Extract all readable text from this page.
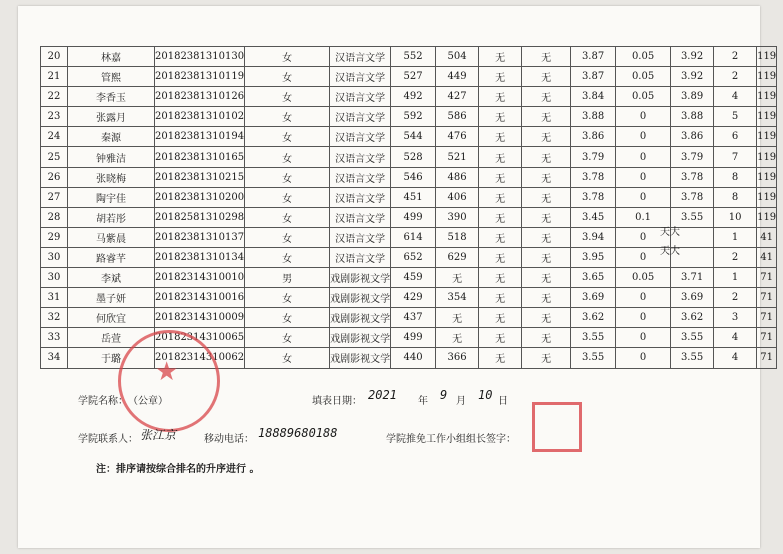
20	林嘉	20182381310130	女	汉语言文学	552	504	无	无	3.87	0.05	3.92	2	119
21	管熙	20182381310119	女	汉语言文学	527	449	无	无	3.87	0.05	3.92	2	119
22	李香玉	20182381310126	女	汉语言文学	492	427	无	无	3.84	0.05	3.89	4	119
23	张露月	20182381310102	女	汉语言文学	592	586	无	无	3.88	0	3.88	5	119
24	秦源	20182381310194	女	汉语言文学	544	476	无	无	3.86	0	3.86	6	119
25	钟雅洁	20182381310165	女	汉语言文学	528	521	无	无	3.79	0	3.79	7	119
26	张晓梅	20182381310215	女	汉语言文学	546	486	无	无	3.78	0	3.78	8	119
27	陶宇佳	20182381310200	女	汉语言文学	451	406	无	无	3.78	0	3.78	8	119
28	胡若彤	20182581310298	女	汉语言文学	499	390	无	无	3.45	0.1	3.55	10	119
29	马紫晨	20182381310137	女	汉语言文学	614	518	无	无	3.94	0		1	41
30	路睿芊	20182381310134	女	汉语言文学	652	629	无	无	3.95	0		2	41
30	李斌	20182314310010	男	戏剧影视文学	459	无	无	无	3.65	0.05	3.71	1	71
31	墨子妍	20182314310016	女	戏剧影视文学	429	354	无	无	3.69	0	3.69	2	71
32	何欣宜	20182314310009	女	戏剧影视文学	437	无	无	无	3.62	0	3.62	3	71
33	岳萱	20182314310065	女	戏剧影视文学	499	无	无	无	3.55	0	3.55	4	71
34	于璐	20182314310062	女	戏剧影视文学	440	366	无	无	3.55	0	3.55	4	71
天大
天大
★

学院名称： （公章）	填表日期： 2021 年 9 月 10 日
学院联系人： 张江京	移动电话： 18889680188	学院推免工作小组组长签字：
注：排序请按综合排名的升序进行 。
